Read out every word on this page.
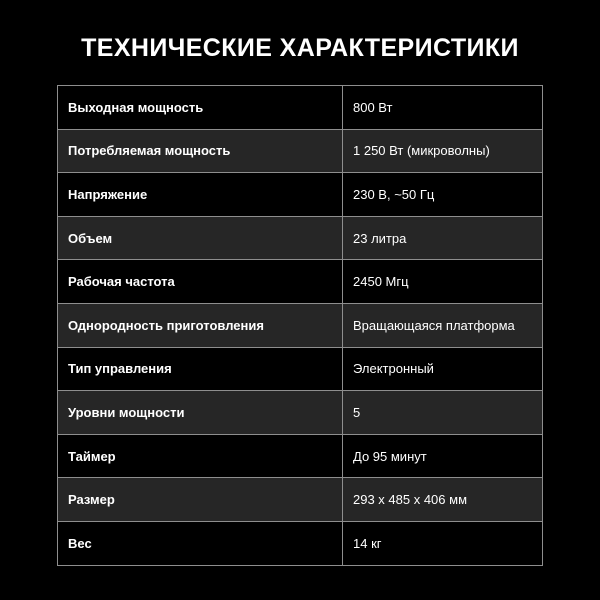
ТЕХНИЧЕСКИЕ ХАРАКТЕРИСТИКИ
Выходная мощность	800 Вт
Потребляемая мощность	1 250 Вт (микроволны)
Напряжение	230 В, ~50 Гц
Объем	23 литра
Рабочая частота	2450 Мгц
Однородность приготовления	Вращающаяся платформа
Тип управления	Электронный
Уровни мощности	5
Таймер	До 95 минут
Размер	293 х 485 х 406 мм
Вес	14 кг
